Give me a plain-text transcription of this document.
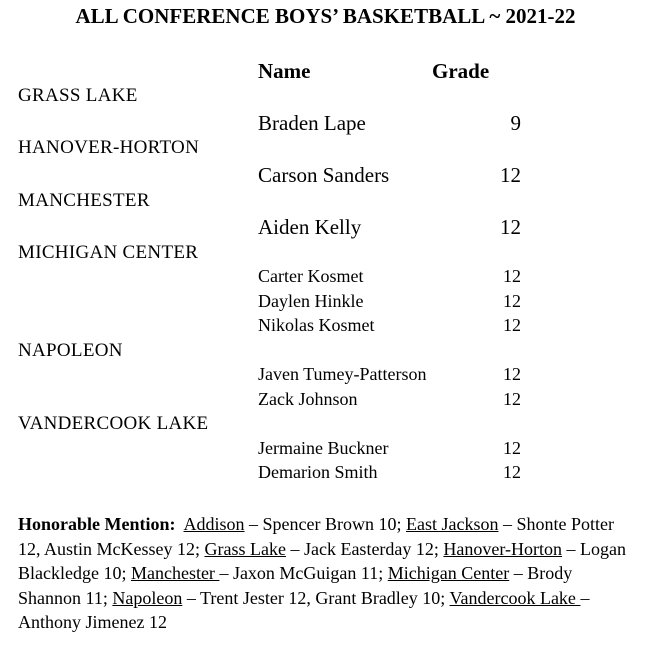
ALL CONFERENCE BOYS’ BASKETBALL ~ 2021-22
Name	Grade
GRASS LAKE
Braden Lape	9
HANOVER-HORTON
Carson Sanders	12
MANCHESTER
Aiden Kelly	12
MICHIGAN CENTER
Carter Kosmet	12
Daylen Hinkle	12
Nikolas Kosmet	12
NAPOLEON
Javen Tumey-Patterson	12
Zack Johnson	12
VANDERCOOK LAKE
Jermaine Buckner	12
Demarion Smith	12
Honorable Mention: Addison – Spencer Brown 10; East Jackson – Shonte Potter 12, Austin McKessey 12; Grass Lake – Jack Easterday 12; Hanover-Horton – Logan Blackledge 10; Manchester – Jaxon McGuigan 11; Michigan Center – Brody Shannon 11; Napoleon – Trent Jester 12, Grant Bradley 10; Vandercook Lake – Anthony Jimenez 12
